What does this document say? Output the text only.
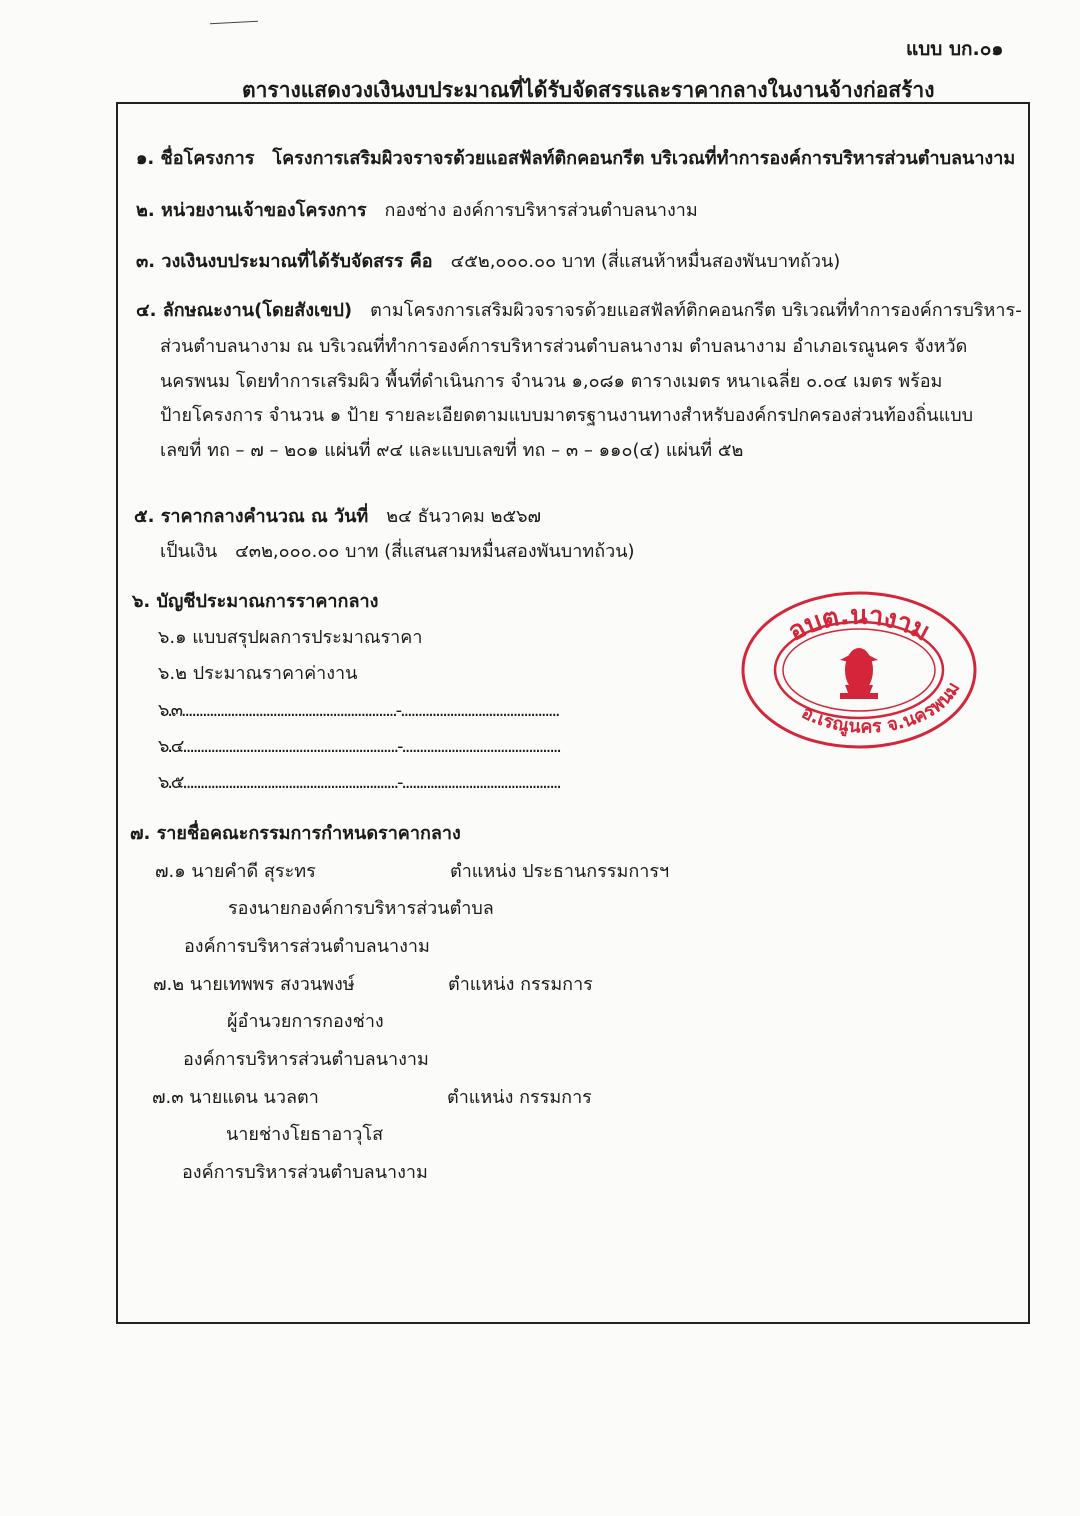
แบบ บก.๐๑
ตารางแสดงวงเงินงบประมาณที่ได้รับจัดสรรและราคากลางในงานจ้างก่อสร้าง
๑. ชื่อโครงการ โครงการเสริมผิวจราจรด้วยแอสฟัลท์ติกคอนกรีต บริเวณที่ทำการองค์การบริหารส่วนตำบลนางาม
๒. หน่วยงานเจ้าของโครงการ กองช่าง องค์การบริหารส่วนตำบลนางาม
๓. วงเงินงบประมาณที่ได้รับจัดสรร คือ ๔๕๒,๐๐๐.๐๐ บาท (สี่แสนห้าหมื่นสองพันบาทถ้วน)
๔. ลักษณะงาน(โดยสังเขป) ตามโครงการเสริมผิวจราจรด้วยแอสฟัลท์ติกคอนกรีต บริเวณที่ทำการองค์การบริหาร-
ส่วนตำบลนางาม ณ บริเวณที่ทำการองค์การบริหารส่วนตำบลนางาม ตำบลนางาม อำเภอเรณูนคร จังหวัด
นครพนม โดยทำการเสริมผิว พื้นที่ดำเนินการ จำนวน ๑,๐๘๑ ตารางเมตร หนาเฉลี่ย ๐.๐๔ เมตร พร้อม
ป้ายโครงการ จำนวน ๑ ป้าย รายละเอียดตามแบบมาตรฐานงานทางสำหรับองค์กรปกครองส่วนท้องถิ่นแบบ
เลขที่ ทถ – ๗ – ๒๐๑ แผ่นที่ ๙๔ และแบบเลขที่ ทถ – ๓ – ๑๑๐(๔) แผ่นที่ ๕๒
๕. ราคากลางคำนวณ ณ วันที่ ๒๔ ธันวาคม ๒๕๖๗
เป็นเงิน ๔๓๒,๐๐๐.๐๐ บาท (สี่แสนสามหมื่นสองพันบาทถ้วน)
๖. บัญชีประมาณการราคากลาง
๖.๑ แบบสรุปผลการประมาณราคา
๖.๒ ประมาณราคาค่างาน
๖.๓.............................................................-.............................................
๖.๔.............................................................-.............................................
๖.๕.............................................................-.............................................
๗. รายชื่อคณะกรรมการกำหนดราคากลาง
๗.๑ นายคำดี สุระทร	ตำแหน่ง ประธานกรรมการฯ
รองนายกองค์การบริหารส่วนตำบล
องค์การบริหารส่วนตำบลนางาม
๗.๒ นายเทพพร สงวนพงษ์	ตำแหน่ง กรรมการ
ผู้อำนวยการกองช่าง
องค์การบริหารส่วนตำบลนางาม
๗.๓ นายแดน นวลตา	ตำแหน่ง กรรมการ
นายช่างโยธาอาวุโส
องค์การบริหารส่วนตำบลนางาม
อบต.นางาม
อ.เรณูนคร จ.นครพนม
